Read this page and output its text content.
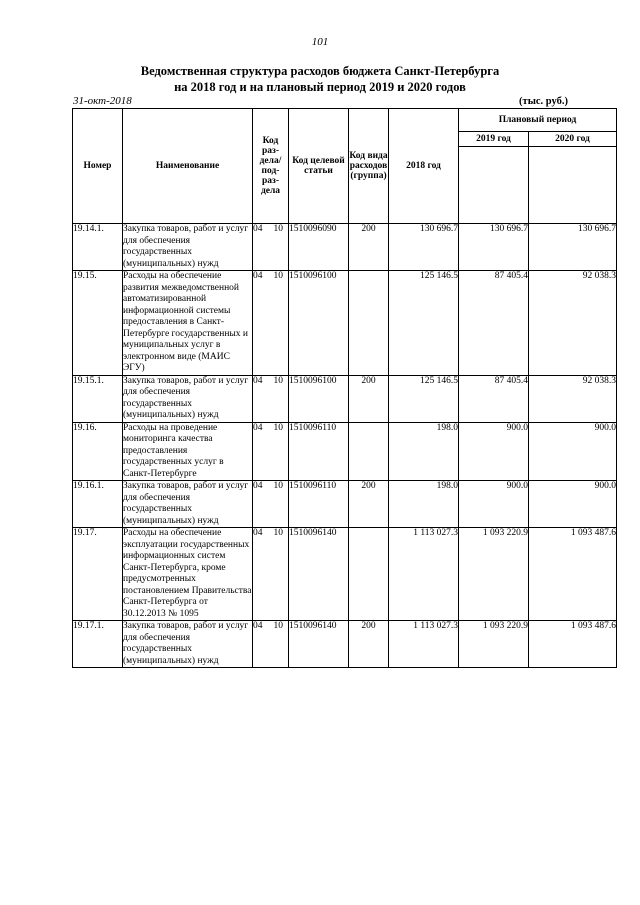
101
Ведомственная структура расходов бюджета Санкт-Петербурга
на 2018 год и на плановый период 2019 и 2020 годов
31-окт-2018	(тыс. руб.)
Номер	Наименование	Код раз- дела/ под- раз- дела	Код целевой статьи	Код вида расходов (группа)	2018 год	Плановый период	
						2019 год	2020 год

19.14.1.	Закупка товаров, работ и услуг для обеспечения государственных (муниципальных) нужд	04 10	1510096090	200	130 696.7	130 696.7	130 696.7
19.15.	Расходы на обеспечение развития межведомственной автоматизированной информационной системы предоставления в Санкт-Петербурге государственных и муниципальных услуг в электронном виде (МАИС ЭГУ)	04 10	1510096100		125 146.5	87 405.4	92 038.3
19.15.1.	Закупка товаров, работ и услуг для обеспечения государственных (муниципальных) нужд	04 10	1510096100	200	125 146.5	87 405.4	92 038.3
19.16.	Расходы на проведение мониторинга качества предоставления государственных услуг в Санкт-Петербурге	04 10	1510096110		198.0	900.0	900.0
19.16.1.	Закупка товаров, работ и услуг для обеспечения государственных (муниципальных) нужд	04 10	1510096110	200	198.0	900.0	900.0
19.17.	Расходы на обеспечение эксплуатации государственных информационных систем Санкт-Петербурга, кроме предусмотренных постановлением Правительства Санкт-Петербурга от 30.12.2013 № 1095	04 10	1510096140		1 113 027.3	1 093 220.9	1 093 487.6
19.17.1.	Закупка товаров, работ и услуг для обеспечения государственных (муниципальных) нужд	04 10	1510096140	200	1 113 027.3	1 093 220.9	1 093 487.6
